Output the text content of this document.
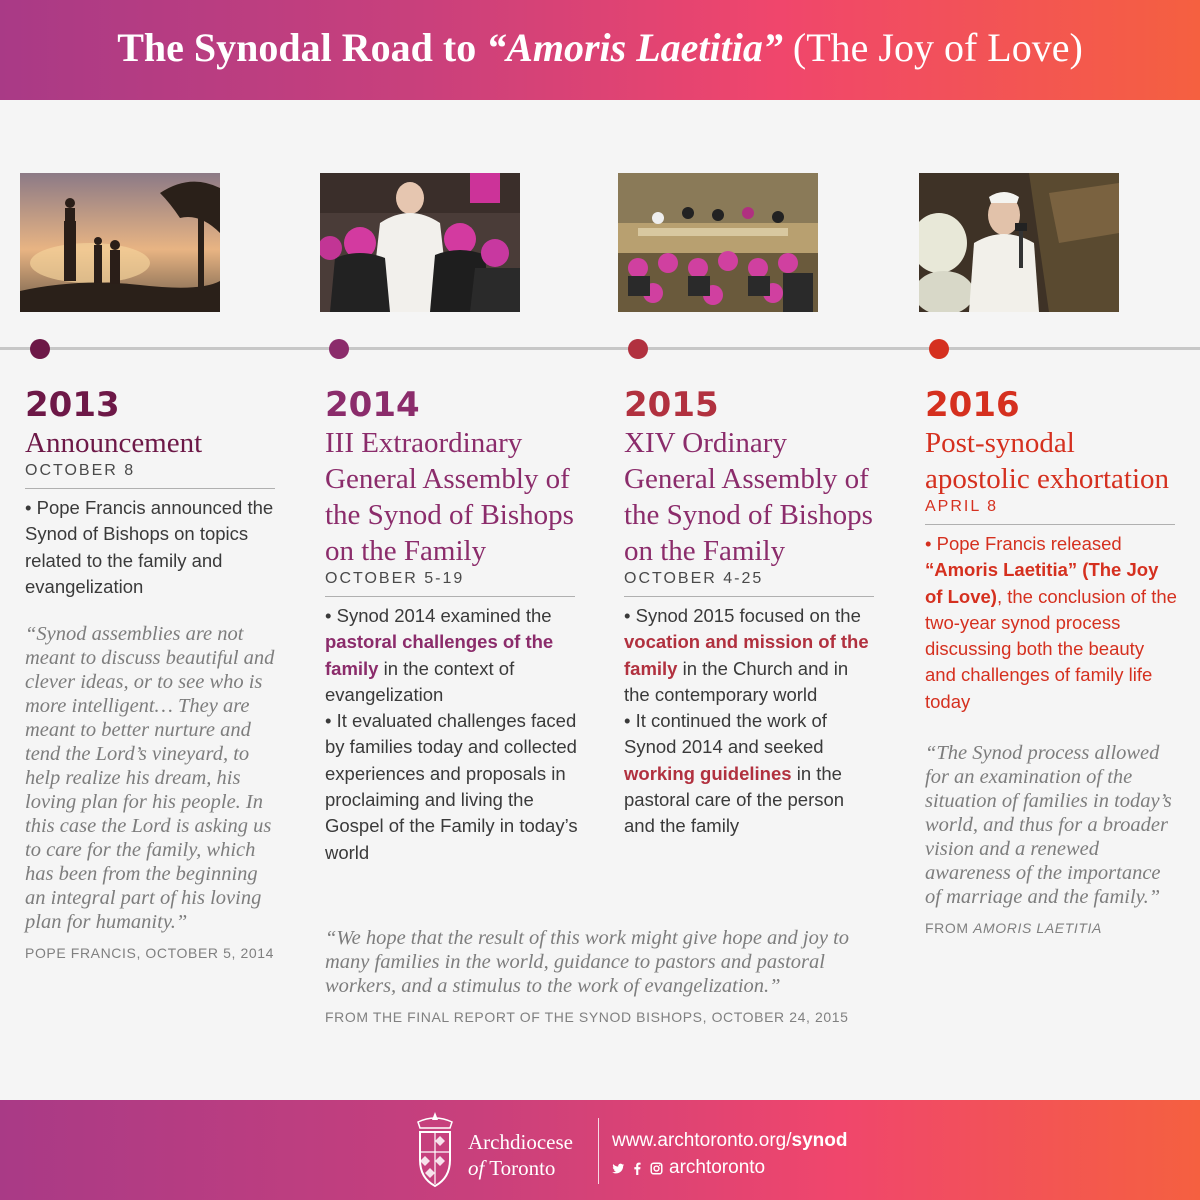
The Synodal Road to “Amoris Laetitia” (The Joy of Love)
2013
Announcement
OCTOBER 8

• Pope Francis announced the Synod of Bishops on topics related to the family and evangelization

“Synod assemblies are not meant to discuss beautiful and clever ideas, or to see who is more intelligent… They are meant to better nurture and tend the Lord’s vineyard, to help realize his dream, his loving plan for his people. In this case the Lord is asking us to care for the family, which has been from the beginning an integral part of his loving plan for humanity.”
POPE FRANCIS, OCTOBER 5, 2014
2014
III Extraordinary General Assembly of the Synod of Bishops on the Family
OCTOBER 5-19

• Synod 2014 examined the pastoral challenges of the family in the context of evangelization

• It evaluated challenges faced by families today and collected experiences and proposals in proclaiming and living the Gospel of the Family in today’s world

2015
XIV Ordinary General Assembly of the Synod of Bishops on the Family
OCTOBER 4-25

• Synod 2015 focused on the vocation and mission of the family in the Church and in the contemporary world

• It continued the work of Synod 2014 and seeked working guidelines in the pastoral care of the person and the family

“We hope that the result of this work might give hope and joy to many families in the world, guidance to pastors and pastoral workers, and a stimulus to the work of evangelization.”
FROM THE FINAL REPORT OF THE SYNOD BISHOPS, OCTOBER 24, 2015
2016
Post-synodal apostolic exhortation
APRIL 8

• Pope Francis released “Amoris Laetitia” (The Joy of Love), the conclusion of the two-year synod process discussing both the beauty and challenges of family life today

“The Synod process allowed for an examination of the situation of families in today’s world, and thus for a broader vision and a renewed awareness of the importance of marriage and the family.”
FROM AMORIS LAETITIA
Archdiocese
of Toronto
www.archtoronto.org/synod
archtoronto
